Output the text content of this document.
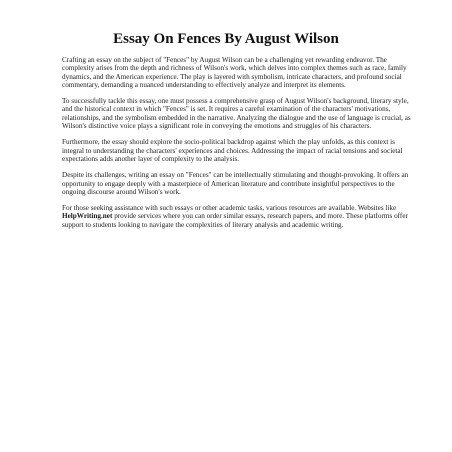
Essay On Fences By August Wilson

Crafting an essay on the subject of "Fences" by August Wilson can be a challenging yet rewarding endeavor. The complexity arises from the depth and richness of Wilson's work, which delves into complex themes such as race, family dynamics, and the American experience. The play is layered with symbolism, intricate characters, and profound social commentary, demanding a nuanced understanding to effectively analyze and interpret its elements.

To successfully tackle this essay, one must possess a comprehensive grasp of August Wilson's background, literary style, and the historical context in which "Fences" is set. It requires a careful examination of the characters' motivations, relationships, and the symbolism embedded in the narrative. Analyzing the dialogue and the use of language is crucial, as Wilson's distinctive voice plays a significant role in conveying the emotions and struggles of his characters.

Furthermore, the essay should explore the socio-political backdrop against which the play unfolds, as this context is integral to understanding the characters' experiences and choices. Addressing the impact of racial tensions and societal expectations adds another layer of complexity to the analysis.

Despite its challenges, writing an essay on "Fences" can be intellectually stimulating and thought-provoking. It offers an opportunity to engage deeply with a masterpiece of American literature and contribute insightful perspectives to the ongoing discourse around Wilson's work.

For those seeking assistance with such essays or other academic tasks, various resources are available. Websites like HelpWriting.net provide services where you can order similar essays, research papers, and more. These platforms offer support to students looking to navigate the complexities of literary analysis and academic writing.
